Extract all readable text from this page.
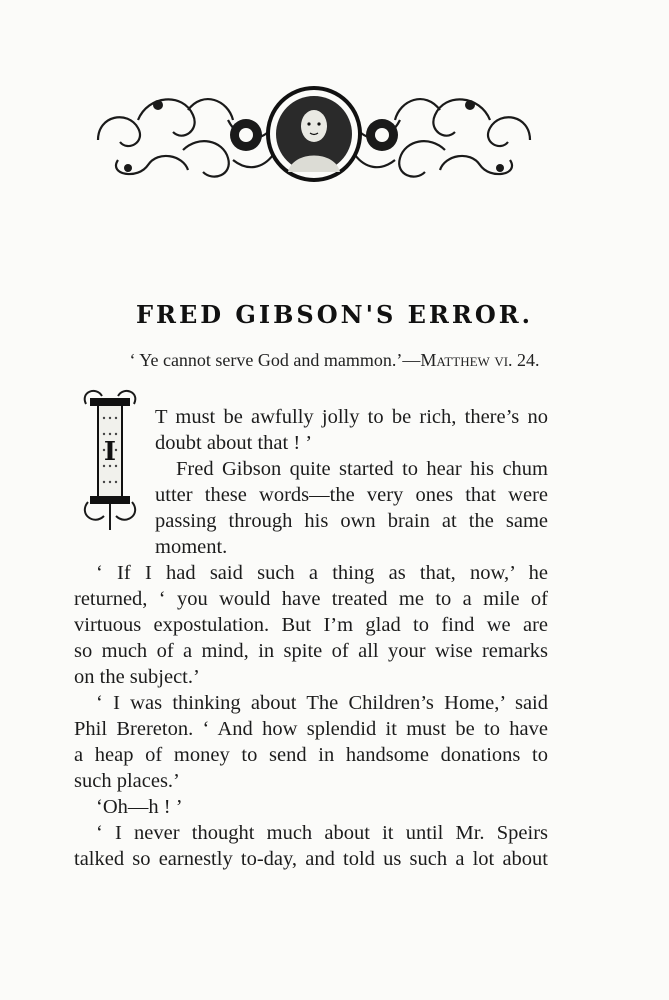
FRED GIBSON'S ERROR.
‘ Ye cannot serve God and mammon.’—Matthew vi. 24.
I
T must be awfully jolly to be rich, there’s no
doubt about that ! ’
Fred Gibson quite started to hear his chum
utter these words—the very ones that were
passing through his own brain at the same
moment.
‘ If I had said such a thing as that, now,’ he
returned, ‘ you would have treated me to a mile of
virtuous expostulation. But I’m glad to find we are
so much of a mind, in spite of all your wise remarks
on the subject.’
‘ I was thinking about The Children’s Home,’ said
Phil Brereton. ‘ And how splendid it must be to have
a heap of money to send in handsome donations to
such places.’
‘Oh—h ! ’
‘ I never thought much about it until Mr. Speirs
talked so earnestly to-day, and told us such a lot about
